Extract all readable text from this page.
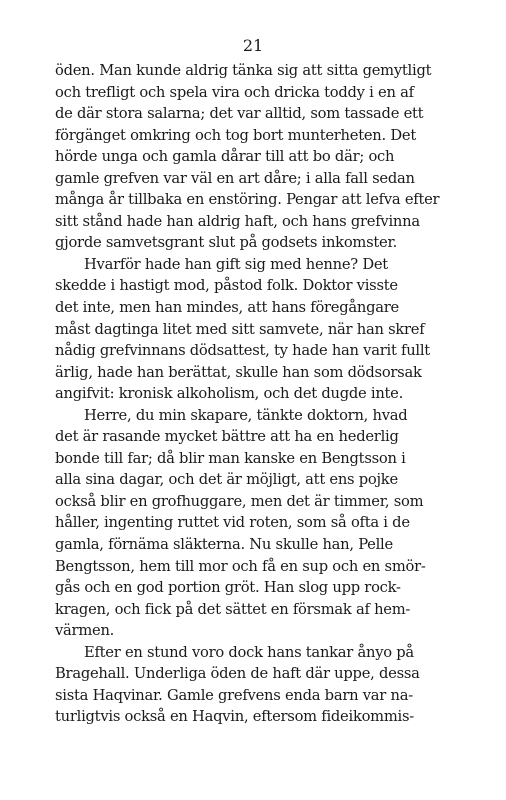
21
öden. Man kunde aldrig tänka sig att sitta gemytligt
och trefligt och spela vira och dricka toddy i en af
de där stora salarna; det var alltid, som tassade ett
förgänget omkring och tog bort munterheten. Det
hörde unga och gamla dårar till att bo där; och
gamle grefven var väl en art dåre; i alla fall sedan
många år tillbaka en enstöring. Pengar att lefva efter
sitt stånd hade han aldrig haft, och hans grefvinna
gjorde samvetsgrant slut på godsets inkomster.
Hvarför hade han gift sig med henne? Det
skedde i hastigt mod, påstod folk. Doktor visste
det inte, men han mindes, att hans föregångare
måst dagtinga litet med sitt samvete, när han skref
nådig grefvinnans dödsattest, ty hade han varit fullt
ärlig, hade han berättat, skulle han som dödsorsak
angifvit: kronisk alkoholism, och det dugde inte.
Herre, du min skapare, tänkte doktorn, hvad
det är rasande mycket bättre att ha en hederlig
bonde till far; då blir man kanske en Bengtsson i
alla sina dagar, och det är möjligt, att ens pojke
också blir en grofhuggare, men det är timmer, som
håller, ingenting ruttet vid roten, som så ofta i de
gamla, förnäma släkterna. Nu skulle han, Pelle
Bengtsson, hem till mor och få en sup och en smör-
gås och en god portion gröt. Han slog upp rock-
kragen, och fick på det sättet en försmak af hem-
värmen.
Efter en stund voro dock hans tankar ånyo på
Bragehall. Underliga öden de haft där uppe, dessa
sista Haqvinar. Gamle grefvens enda barn var na-
turligtvis också en Haqvin, eftersom fideikommis-
